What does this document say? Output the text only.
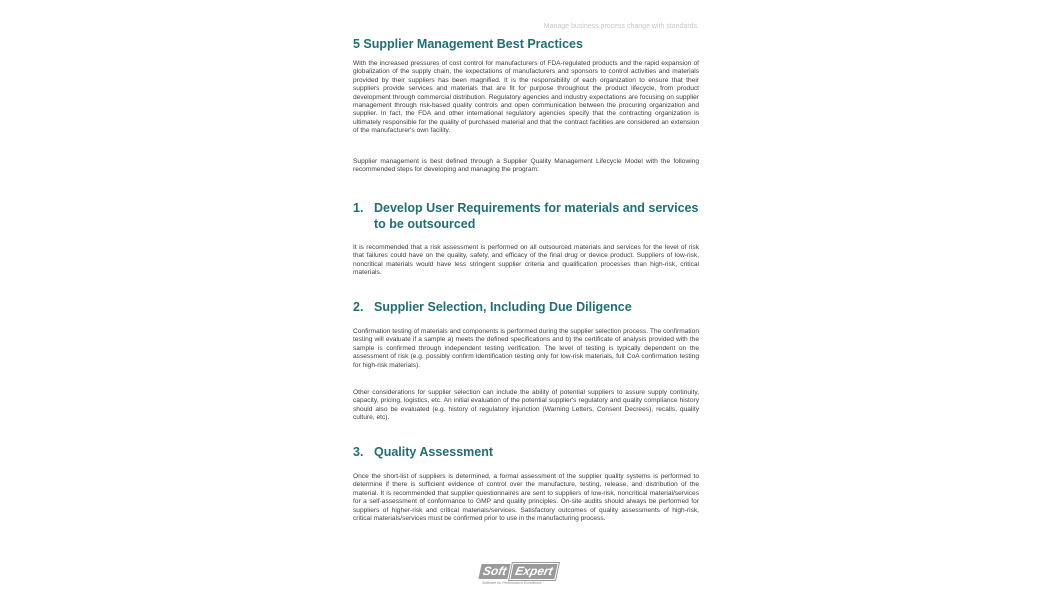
Manage business process change with standards.
5 Supplier Management Best Practices

With the increased pressures of cost control for manufacturers of FDA-regulated products and the rapid expansion of globalization of the supply chain, the expectations of manufacturers and sponsors to control activities and materials provided by their suppliers has been magnified. It is the responsibility of each organization to ensure that their suppliers provide services and materials that are fit for purpose throughout the product lifecycle, from product development through commercial distribution. Regulatory agencies and industry expectations are focusing on supplier management through risk-based quality controls and open communication between the procuring organization and supplier. In fact, the FDA and other international regulatory agencies specify that the contracting organization is ultimately responsible for the quality of purchased material and that the contract facilities are considered an extension of the manufacturer's own facility.

Supplier management is best defined through a Supplier Quality Management Lifecycle Model with the following recommended steps for developing and managing the program:

1. Develop User Requirements for materials and services to be outsourced

It is recommended that a risk assessment is performed on all outsourced materials and services for the level of risk that failures could have on the quality, safety, and efficacy of the final drug or device product. Suppliers of low-risk, noncritical materials would have less stringent supplier criteria and qualification processes than high-risk, critical materials.

2. Supplier Selection, Including Due Diligence

Confirmation testing of materials and components is performed during the supplier selection process. The confirmation testing will evaluate if a sample a) meets the defined specifications and b) the certificate of analysis provided with the sample is confirmed through independent testing verification. The level of testing is typically dependent on the assessment of risk (e.g. possibly confirm identification testing only for low-risk materials, full CoA confirmation testing for high-risk materials).

Other considerations for supplier selection can include the ability of potential suppliers to assure supply continuity, capacity, pricing, logistics, etc. An initial evaluation of the potential supplier's regulatory and quality compliance history should also be evaluated (e.g. history of regulatory injunction (Warning Letters, Consent Decrees), recalls, quality culture, etc).

3. Quality Assessment

Once the short-list of suppliers is determined, a formal assessment of the supplier quality systems is performed to determine if there is sufficient evidence of control over the manufacture, testing, release, and distribution of the material. It is recommended that supplier questionnaires are sent to suppliers of low-risk, noncritical material/services for a self-assessment of conformance to GMP and quality principles. On-site audits should always be performed for suppliers of higher-risk and critical materials/services. Satisfactory outcomes of quality assessments of high-risk, critical materials/services must be confirmed prior to use in the manufacturing process.

Soft Expert
Software for Performance Excellence
